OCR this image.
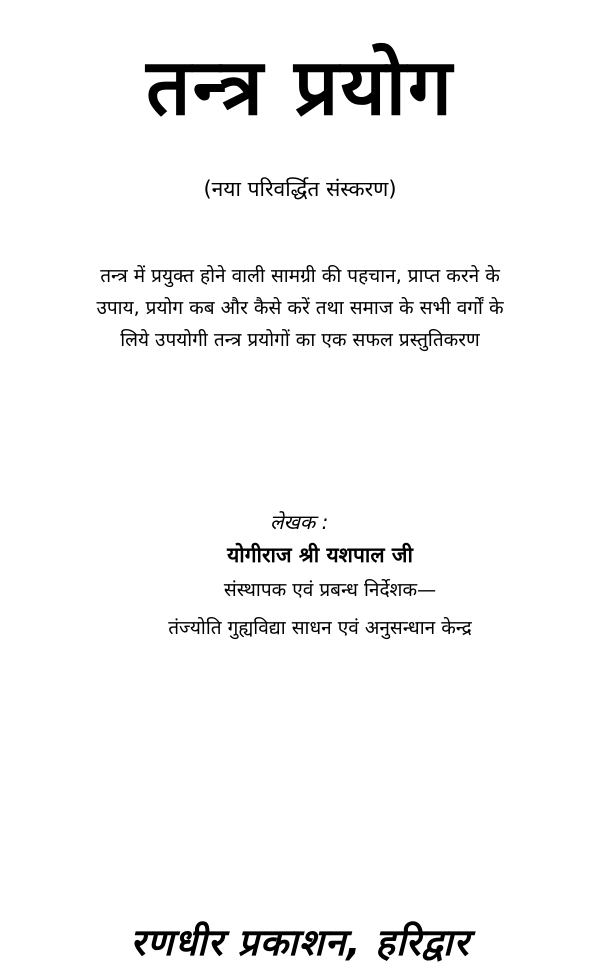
तन्त्र प्रयोग
(नया परिवर्द्धित संस्करण)
तन्त्र में प्रयुक्त होने वाली सामग्री की पहचान, प्राप्त करने के
उपाय, प्रयोग कब और कैसे करें तथा समाज के सभी वर्गों के
लिये उपयोगी तन्त्र प्रयोगों का एक सफल प्रस्तुतिकरण
लेखक :
योगीराज श्री यशपाल जी
संस्थापक एवं प्रबन्ध निर्देशक—
तंज्योति गुह्यविद्या साधन एवं अनुसन्धान केन्द्र
रणधीर प्रकाशन, हरिद्वार
